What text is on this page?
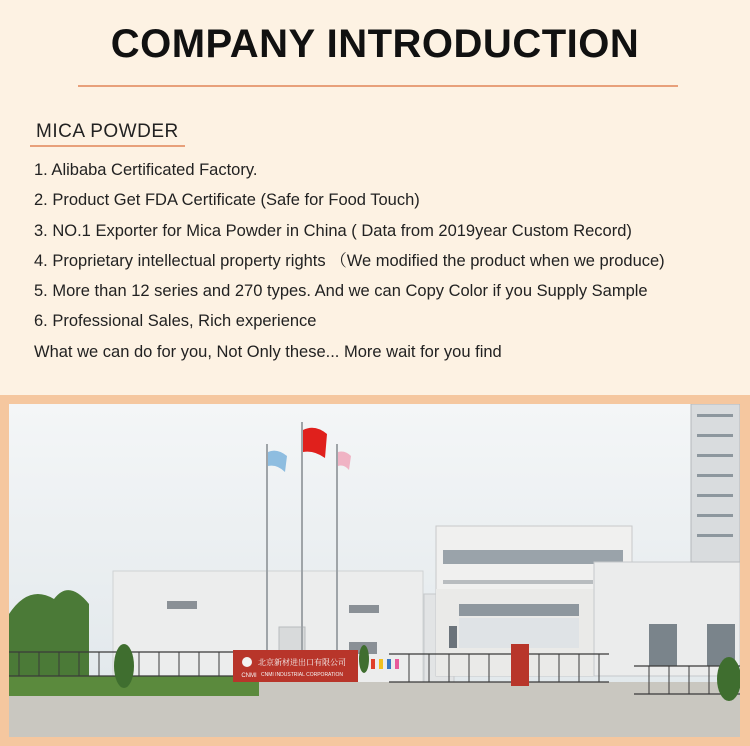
COMPANY INTRODUCTION
MICA POWDER
1. Alibaba Certificated Factory.
2. Product Get FDA Certificate (Safe for Food Touch)
3. NO.1 Exporter for Mica Powder in China ( Data from 2019year Custom Record)
4. Proprietary intellectual property rights （We modified the product when we produce)
5. More than 12 series and 270 types. And we can Copy Color if you Supply Sample
6. Professional Sales, Rich experience
What we can do for you, Not Only these... More wait for you find
CNMI
北京新材进出口有限公司
CNMI INDUSTRIAL CORPORATION
